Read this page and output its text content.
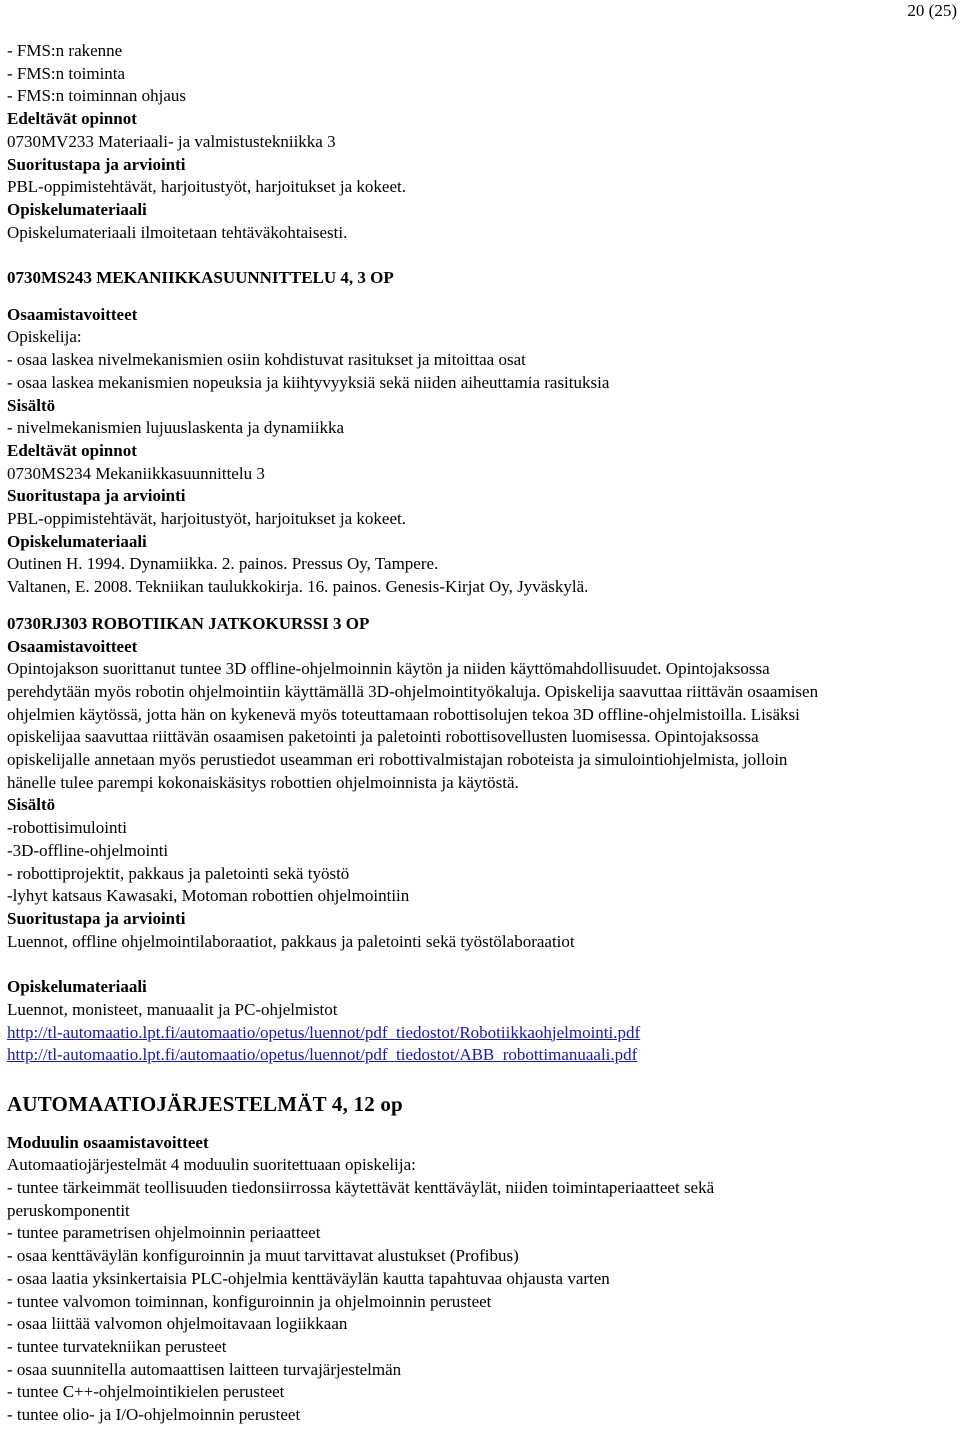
20 (25)
- FMS:n rakenne
- FMS:n toiminta
- FMS:n toiminnan ohjaus
Edeltävät opinnot
0730MV233 Materiaali- ja valmistustekniikka 3
Suoritustapa ja arviointi
PBL-oppimistehtävät, harjoitustyöt, harjoitukset ja kokeet.
Opiskelumateriaali
Opiskelumateriaali ilmoitetaan tehtäväkohtaisesti.
0730MS243 MEKANIIKKASUUNNITTELU 4, 3 OP
Osaamistavoitteet
Opiskelija:
- osaa laskea nivelmekanismien osiin kohdistuvat rasitukset ja mitoittaa osat
- osaa laskea mekanismien nopeuksia ja kiihtyvyyksiä sekä niiden aiheuttamia rasituksia
Sisältö
- nivelmekanismien lujuuslaskenta ja dynamiikka
Edeltävät opinnot
0730MS234 Mekaniikkasuunnittelu 3
Suoritustapa ja arviointi
PBL-oppimistehtävät, harjoitustyöt, harjoitukset ja kokeet.
Opiskelumateriaali
Outinen H. 1994. Dynamiikka. 2. painos. Pressus Oy, Tampere.
Valtanen, E. 2008. Tekniikan taulukkokirja. 16. painos. Genesis-Kirjat Oy, Jyväskylä.
0730RJ303 ROBOTIIKAN JATKOKURSSI 3 OP
Osaamistavoitteet
Opintojakson suorittanut tuntee 3D offline-ohjelmoinnin käytön ja niiden käyttömahdollisuudet. Opintojaksossa
perehdytään myös robotin ohjelmointiin käyttämällä 3D-ohjelmointityökaluja. Opiskelija saavuttaa riittävän osaamisen
ohjelmien käytössä, jotta hän on kykenevä myös toteuttamaan robottisolujen tekoa 3D offline-ohjelmistoilla. Lisäksi
opiskelijaa saavuttaa riittävän osaamisen paketointi ja paletointi robottisovellusten luomisessa. Opintojaksossa
opiskelijalle annetaan myös perustiedot useamman eri robottivalmistajan roboteista ja simulointiohjelmista, jolloin
hänelle tulee parempi kokonaiskäsitys robottien ohjelmoinnista ja käytöstä.
Sisältö
-robottisimulointi
-3D-offline-ohjelmointi
- robottiprojektit, pakkaus ja paletointi sekä työstö
-lyhyt katsaus Kawasaki, Motoman robottien ohjelmointiin
Suoritustapa ja arviointi
Luennot, offline ohjelmointilaboraatiot, pakkaus ja paletointi sekä työstölaboraatiot
Opiskelumateriaali
Luennot, monisteet, manuaalit ja PC-ohjelmistot
http://tl-automaatio.lpt.fi/automaatio/opetus/luennot/pdf_tiedostot/Robotiikkaohjelmointi.pdf
http://tl-automaatio.lpt.fi/automaatio/opetus/luennot/pdf_tiedostot/ABB_robottimanuaali.pdf
AUTOMAATIOJÄRJESTELMÄT 4, 12 op
Moduulin osaamistavoitteet
Automaatiojärjestelmät 4 moduulin suoritettuaan opiskelija:
- tuntee tärkeimmät teollisuuden tiedonsiirrossa käytettävät kenttäväylät, niiden toimintaperiaatteet sekä
peruskomponentit
- tuntee parametrisen ohjelmoinnin periaatteet
- osaa kenttäväylän konfiguroinnin ja muut tarvittavat alustukset (Profibus)
- osaa laatia yksinkertaisia PLC-ohjelmia kenttäväylän kautta tapahtuvaa ohjausta varten
- tuntee valvomon toiminnan, konfiguroinnin ja ohjelmoinnin perusteet
- osaa liittää valvomon ohjelmoitavaan logiikkaan
- tuntee turvatekniikan perusteet
- osaa suunnitella automaattisen laitteen turvajärjestelmän
- tuntee C++-ohjelmointikielen perusteet
- tuntee olio- ja I/O-ohjelmoinnin perusteet
